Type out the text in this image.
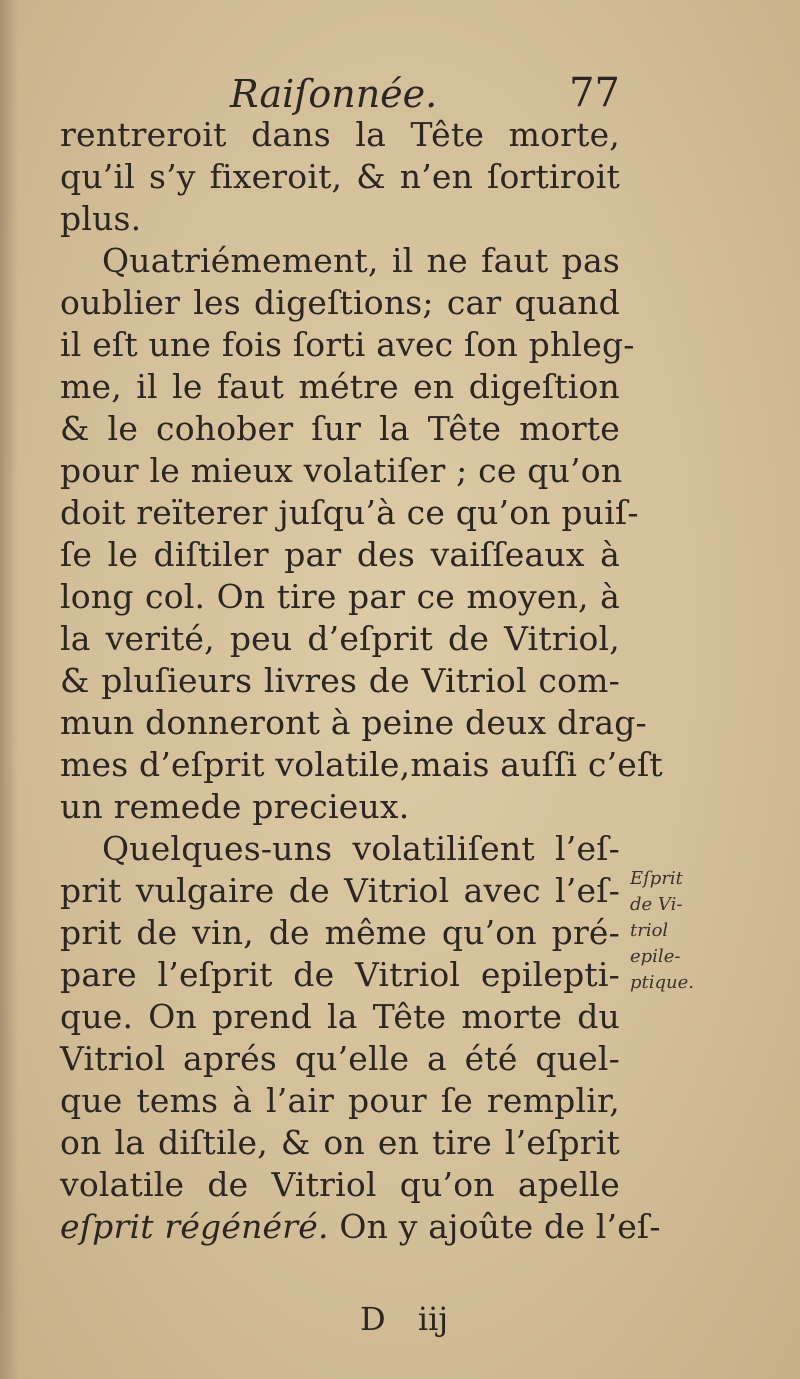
Raiſonnée.	77
rentreroit dans la Tête morte,
qu’il s’y fixeroit, & n’en ſortiroit
plus.
Quatriémement, il ne faut pas
oublier les digeſtions; car quand
il eſt une fois ſorti avec ſon phleg-
me, il le faut métre en digeſtion
& le cohober ſur la Tête morte
pour le mieux volatiſer ; ce qu’on
doit reïterer juſqu’à ce qu’on puiſ-
ſe le diſtiler par des vaiſſeaux à
long col. On tire par ce moyen, à
la verité, peu d’eſprit de Vitriol,
& pluſieurs livres de Vitriol com-
mun donneront à peine deux drag-
mes d’eſprit volatile,mais auſſi c’eſt
un remede precieux.
Quelques-uns volatiliſent l’eſ-
prit vulgaire de Vitriol avec l’eſ-
prit de vin, de même qu’on pré-
pare l’eſprit de Vitriol epilepti-
que. On prend la Tête morte du
Vitriol aprés qu’elle a été quel-
que tems à l’air pour ſe remplir,
on la diſtile, & on en tire l’eſprit
volatile de Vitriol qu’on apelle
eſprit régénéré. On y ajoûte de l’eſ-
Eſprit
de Vi-
triol
epile-
ptique.
D iij
